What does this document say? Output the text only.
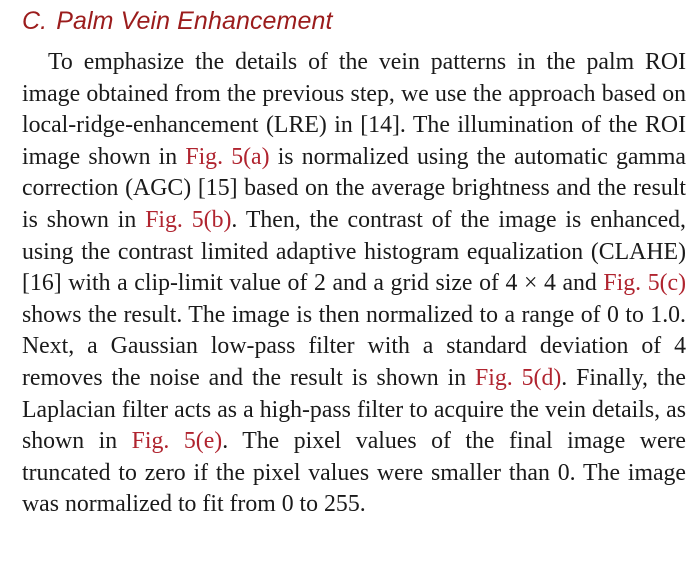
C. Palm Vein Enhancement

To emphasize the details of the vein patterns in the palm ROI image obtained from the previous step, we use the approach based on local-ridge-enhancement (LRE) in [14]. The illumination of the ROI image shown in Fig. 5(a) is normalized using the automatic gamma correction (AGC) [15] based on the average brightness and the result is shown in Fig. 5(b). Then, the contrast of the image is enhanced, using the contrast limited adaptive histogram equalization (CLAHE) [16] with a clip-limit value of 2 and a grid size of 4 × 4 and Fig. 5(c) shows the result. The image is then normalized to a range of 0 to 1.0. Next, a Gaussian low-pass filter with a standard deviation of 4 removes the noise and the result is shown in Fig. 5(d). Finally, the Laplacian filter acts as a high-pass filter to acquire the vein details, as shown in Fig. 5(e). The pixel values of the final image were truncated to zero if the pixel values were smaller than 0. The image was normalized to fit from 0 to 255.
